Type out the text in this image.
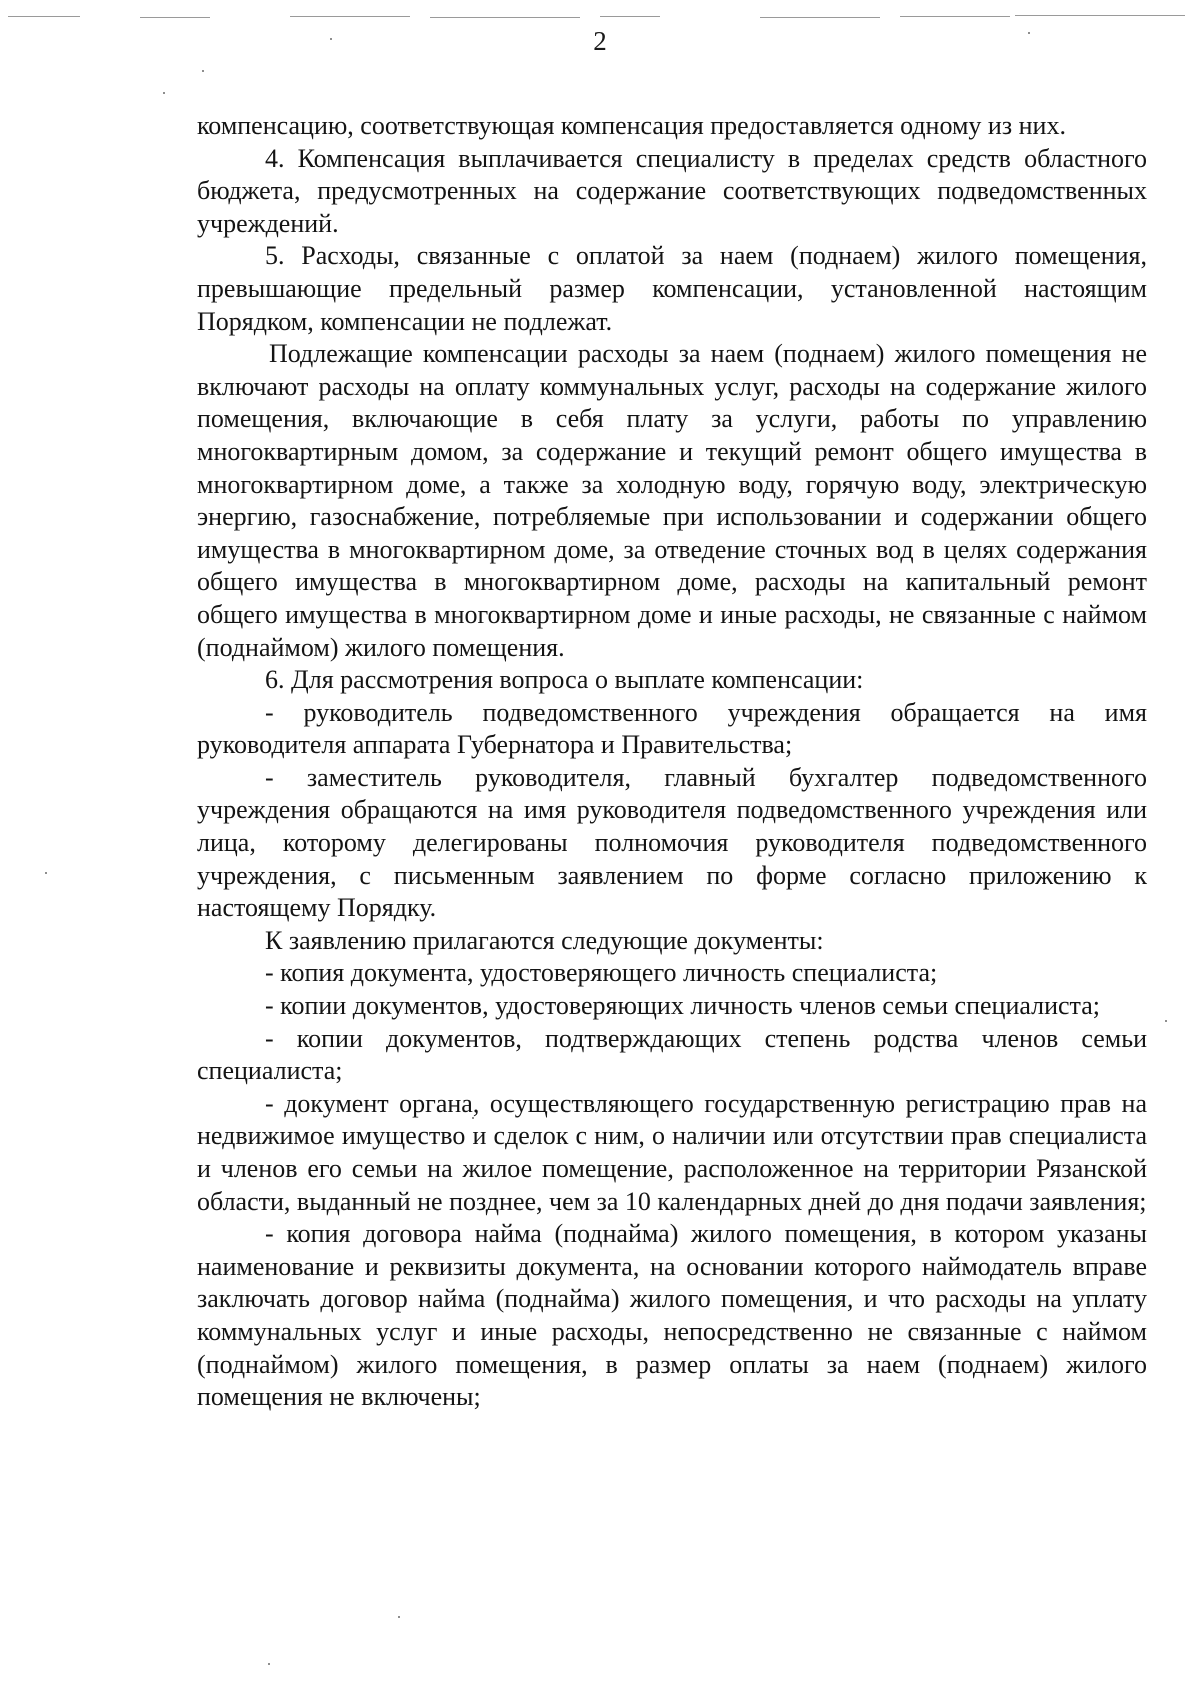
2

компенсацию, соответствующая компенсация предоставляется одному из них.

4. Компенсация выплачивается специалисту в пределах средств областного бюджета, предусмотренных на содержание соответствующих подведомственных учреждений.

5. Расходы, связанные с оплатой за наем (поднаем) жилого помещения, превышающие предельный размер компенсации, установленной настоящим Порядком, компенсации не подлежат.

Подлежащие компенсации расходы за наем (поднаем) жилого помещения не включают расходы на оплату коммунальных услуг, расходы на содержание жилого помещения, включающие в себя плату за услуги, работы по управлению многоквартирным домом, за содержание и текущий ремонт общего имущества в многоквартирном доме, а также за холодную воду, горячую воду, электрическую энергию, газоснабжение, потребляемые при использовании и содержании общего имущества в многоквартирном доме, за отведение сточных вод в целях содержания общего имущества в многоквартирном доме, расходы на капитальный ремонт общего имущества в многоквартирном доме и иные расходы, не связанные с наймом (поднаймом) жилого помещения.

6. Для рассмотрения вопроса о выплате компенсации:

- руководитель подведомственного учреждения обращается на имя руководителя аппарата Губернатора и Правительства;

- заместитель руководителя, главный бухгалтер подведомственного учреждения обращаются на имя руководителя подведомственного учреждения или лица, которому делегированы полномочия руководителя подведомственного учреждения, с письменным заявлением по форме согласно приложению к настоящему Порядку.

К заявлению прилагаются следующие документы:

- копия документа, удостоверяющего личность специалиста;

- копии документов, удостоверяющих личность членов семьи специалиста;

- копии документов, подтверждающих степень родства членов семьи специалиста;

- документ органа, осуществляющего государственную регистрацию прав на недвижимое имущество и сделок с ним, о наличии или отсутствии прав специалиста и членов его семьи на жилое помещение, расположенное на территории Рязанской области, выданный не позднее, чем за 10 календарных дней до дня подачи заявления;

- копия договора найма (поднайма) жилого помещения, в котором указаны наименование и реквизиты документа, на основании которого наймодатель вправе заключать договор найма (поднайма) жилого помещения, и что расходы на уплату коммунальных услуг и иные расходы, непосредственно не связанные с наймом (поднаймом) жилого помещения, в размер оплаты за наем (поднаем) жилого помещения не включены;
